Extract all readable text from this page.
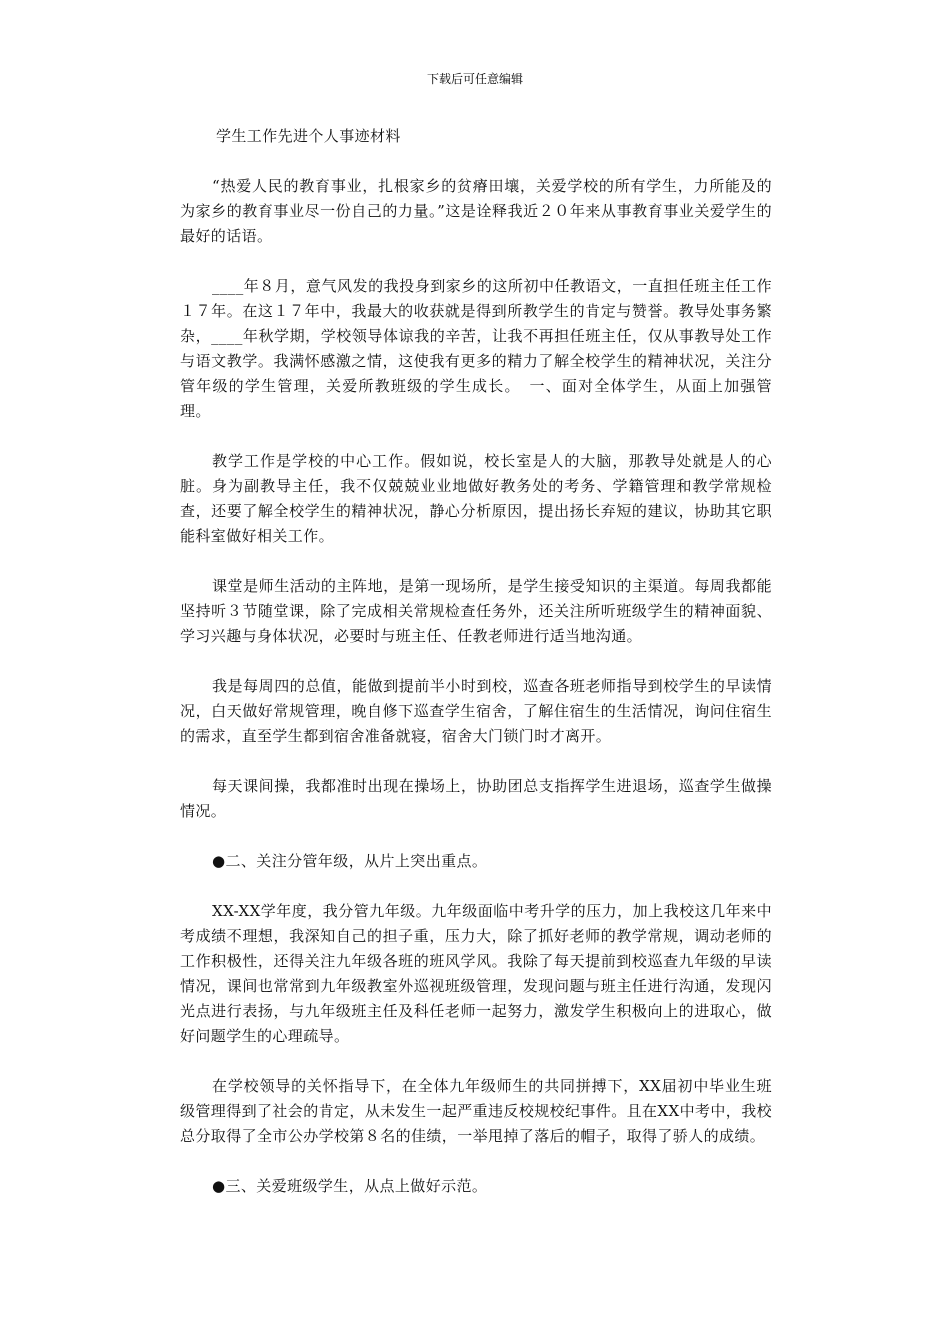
下载后可任意编辑

学生工作先进个人事迹材料

“热爱人民的教育事业，扎根家乡的贫瘠田壤，关爱学校的所有学生，力所能及的为家乡的教育事业尽一份自己的力量。”这是诠释我近２０年来从事教育事业关爱学生的最好的话语。

____年８月，意气风发的我投身到家乡的这所初中任教语文，一直担任班主任工作１７年。在这１７年中，我最大的收获就是得到所教学生的肯定与赞誉。教导处事务繁杂，____年秋学期，学校领导体谅我的辛苦，让我不再担任班主任，仅从事教导处工作与语文教学。我满怀感激之情，这使我有更多的精力了解全校学生的精神状况，关注分管年级的学生管理，关爱所教班级的学生成长。　一、面对全体学生，从面上加强管理。

教学工作是学校的中心工作。假如说，校长室是人的大脑，那教导处就是人的心脏。身为副教导主任，我不仅兢兢业业地做好教务处的考务、学籍管理和教学常规检查，还要了解全校学生的精神状况，静心分析原因，提出扬长弃短的建议，协助其它职能科室做好相关工作。

课堂是师生活动的主阵地，是第一现场所，是学生接受知识的主渠道。每周我都能坚持听３节随堂课，除了完成相关常规检查任务外，还关注所听班级学生的精神面貌、学习兴趣与身体状况，必要时与班主任、任教老师进行适当地沟通。

我是每周四的总值，能做到提前半小时到校，巡查各班老师指导到校学生的早读情况，白天做好常规管理，晚自修下巡查学生宿舍，了解住宿生的生活情况，询问住宿生的需求，直至学生都到宿舍准备就寝，宿舍大门锁门时才离开。

每天课间操，我都准时出现在操场上，协助团总支指挥学生进退场，巡查学生做操情况。

●二、关注分管年级，从片上突出重点。

XX-XX学年度，我分管九年级。九年级面临中考升学的压力，加上我校这几年来中考成绩不理想，我深知自己的担子重，压力大，除了抓好老师的教学常规，调动老师的工作积极性，还得关注九年级各班的班风学风。我除了每天提前到校巡查九年级的早读情况，课间也常常到九年级教室外巡视班级管理，发现问题与班主任进行沟通，发现闪光点进行表扬，与九年级班主任及科任老师一起努力，激发学生积极向上的进取心，做好问题学生的心理疏导。

在学校领导的关怀指导下，在全体九年级师生的共同拼搏下，XX届初中毕业生班级管理得到了社会的肯定，从未发生一起严重违反校规校纪事件。且在XX中考中，我校总分取得了全市公办学校第８名的佳绩，一举甩掉了落后的帽子，取得了骄人的成绩。

●三、关爱班级学生，从点上做好示范。
